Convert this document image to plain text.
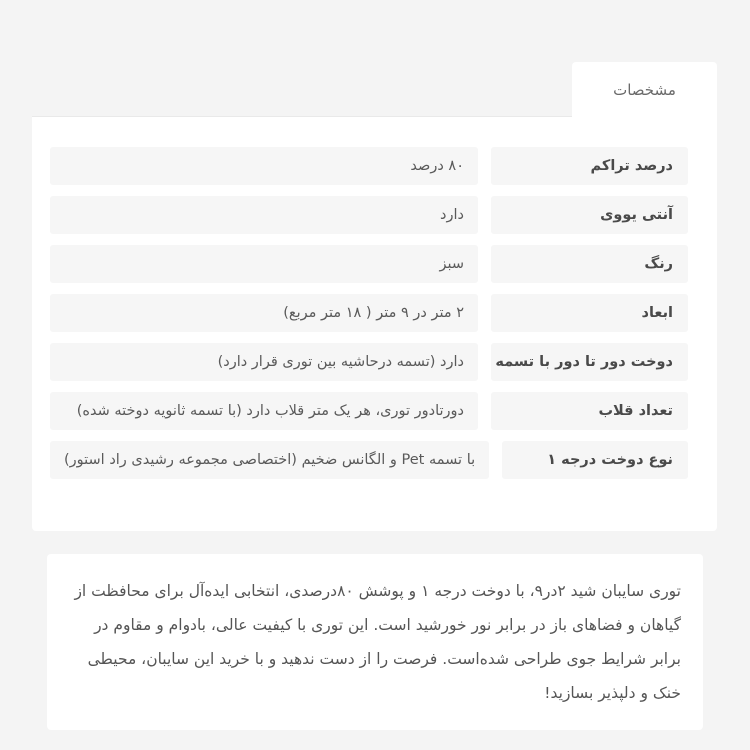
مشخصات
درصد تراکم
۸۰ درصد
آنتی یووی
دارد
رنگ
سبز
ابعاد
۲ متر در ۹ متر ( ۱۸ متر مربع)
دوخت دور تا دور با تسمه
دارد (تسمه درحاشیه بین توری قرار دارد)
تعداد قلاب
دورتادور توری، هر یک متر قلاب دارد (با تسمه ثانویه دوخته شده)
نوع دوخت درجه ۱
با تسمه Pet و الگانس ضخیم (اختصاصی مجموعه رشیدی راد استور)

توری سایبان شید ۲در۹، با دوخت درجه ۱ و پوشش ۸۰درصدی، انتخابی ایده‌آل برای محافظت از گیاهان و فضاهای باز در برابر نور خورشید است. این توری با کیفیت عالی، بادوام و مقاوم در برابر شرایط جوی طراحی شده‌است. فرصت را از دست ندهید و با خرید این سایبان، محیطی خنک و دلپذیر بسازید!
